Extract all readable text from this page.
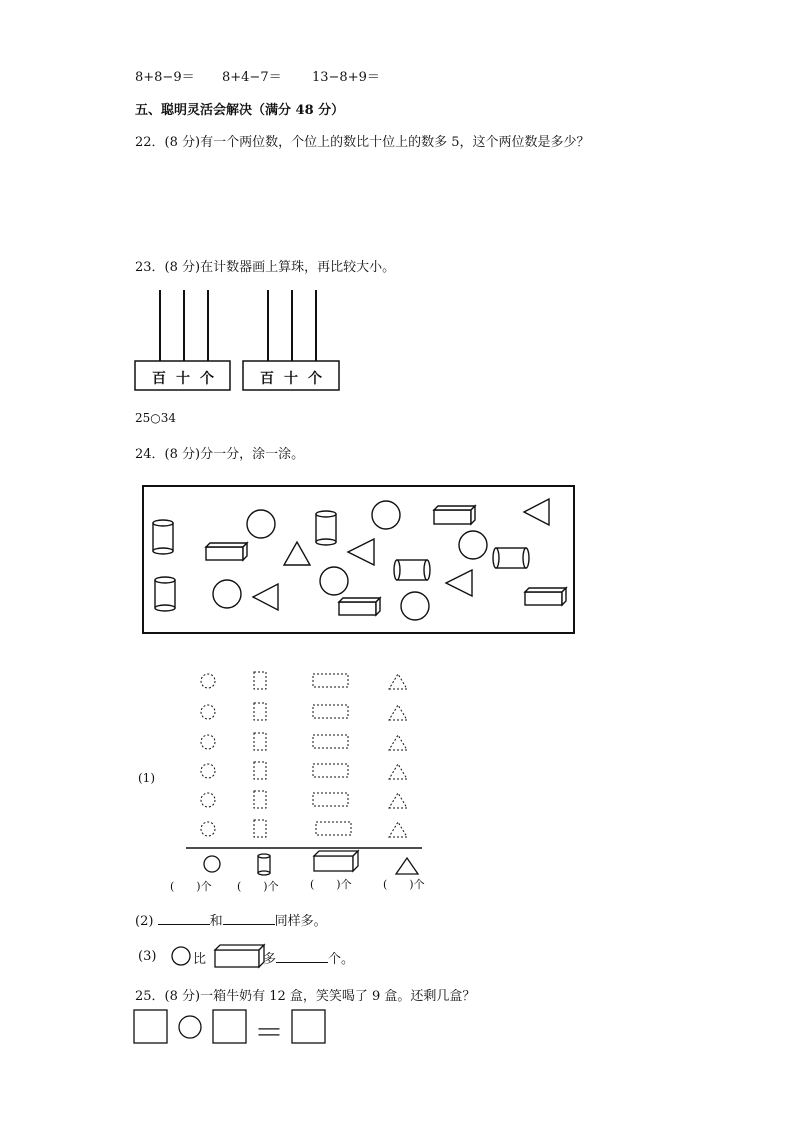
8+8−9＝ 8+4−7＝ 13−8+9＝
五、聪明灵活会解决（满分 48 分）
22．(8 分)有一个两位数，个位上的数比十位上的数多 5，这个两位数是多少？
23．(8 分)在计数器画上算珠，再比较大小。
百 十 个	百 十 个
25○34
24．(8 分)分一分，涂一涂。
(1)
(　　)个 (　　)个	(　　)个	(　　)个
(2)	和	同样多。
(3)	比	多	个。
25．(8 分)一箱牛奶有 12 盒，笑笑喝了 9 盒。还剩几盒？
＝
